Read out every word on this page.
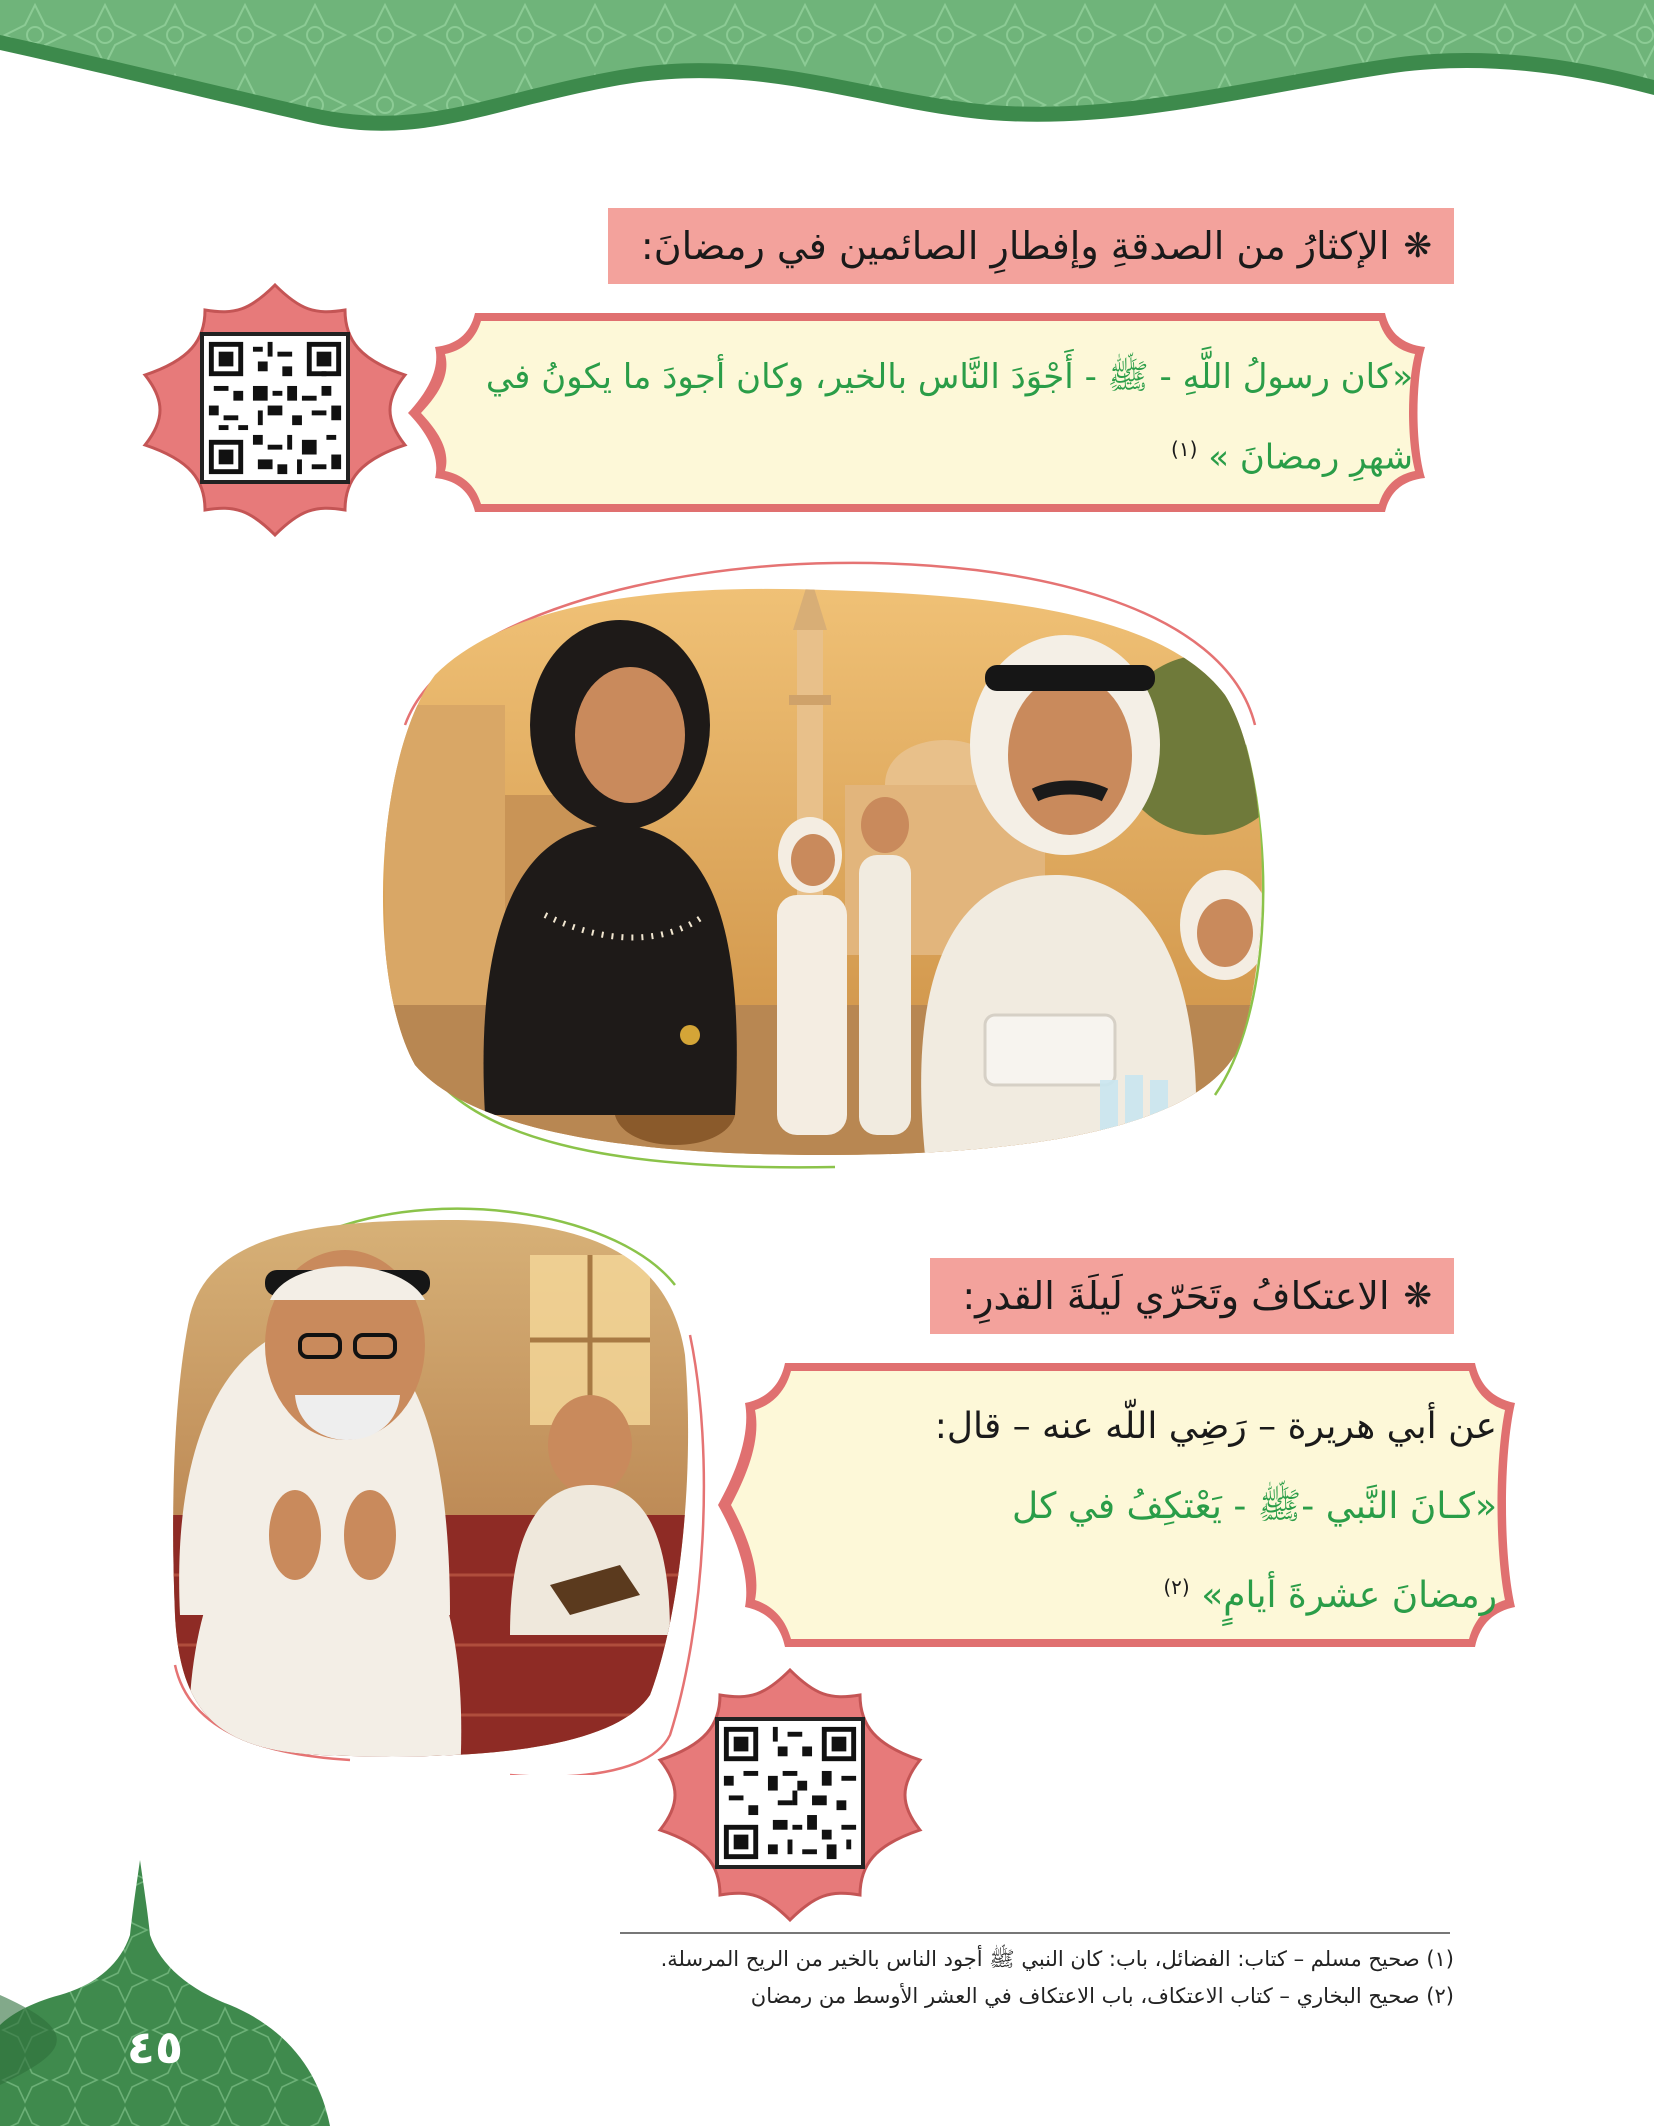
❋
الإكثارُ من الصدقةِ وإفطارِ الصائمين في رمضانَ:
«كان رسولُ اللَّهِ - ﷺ - أَجْوَدَ النَّاس بالخير، وكان أجودَ ما يكونُ في
شهرِ رمضانَ » $^{(١)}$
❋
الاعتكافُ وتَحَرّي لَيلَةَ القدرِ:
عن أبي هريرة – رَضِي اللّه عنه – قال:
«كـانَ النَّبي -ﷺ - يَعْتكِفُ في كل
رمضانَ عشرةَ أيامٍ» $^{(٢)}$
٤٥
(١) صحيح مسلم – كتاب: الفضائل، باب: كان النبي ﷺ أجود الناس بالخير من الريح المرسلة.
(٢) صحيح البخاري – كتاب الاعتكاف، باب الاعتكاف في العشر الأوسط من رمضان
